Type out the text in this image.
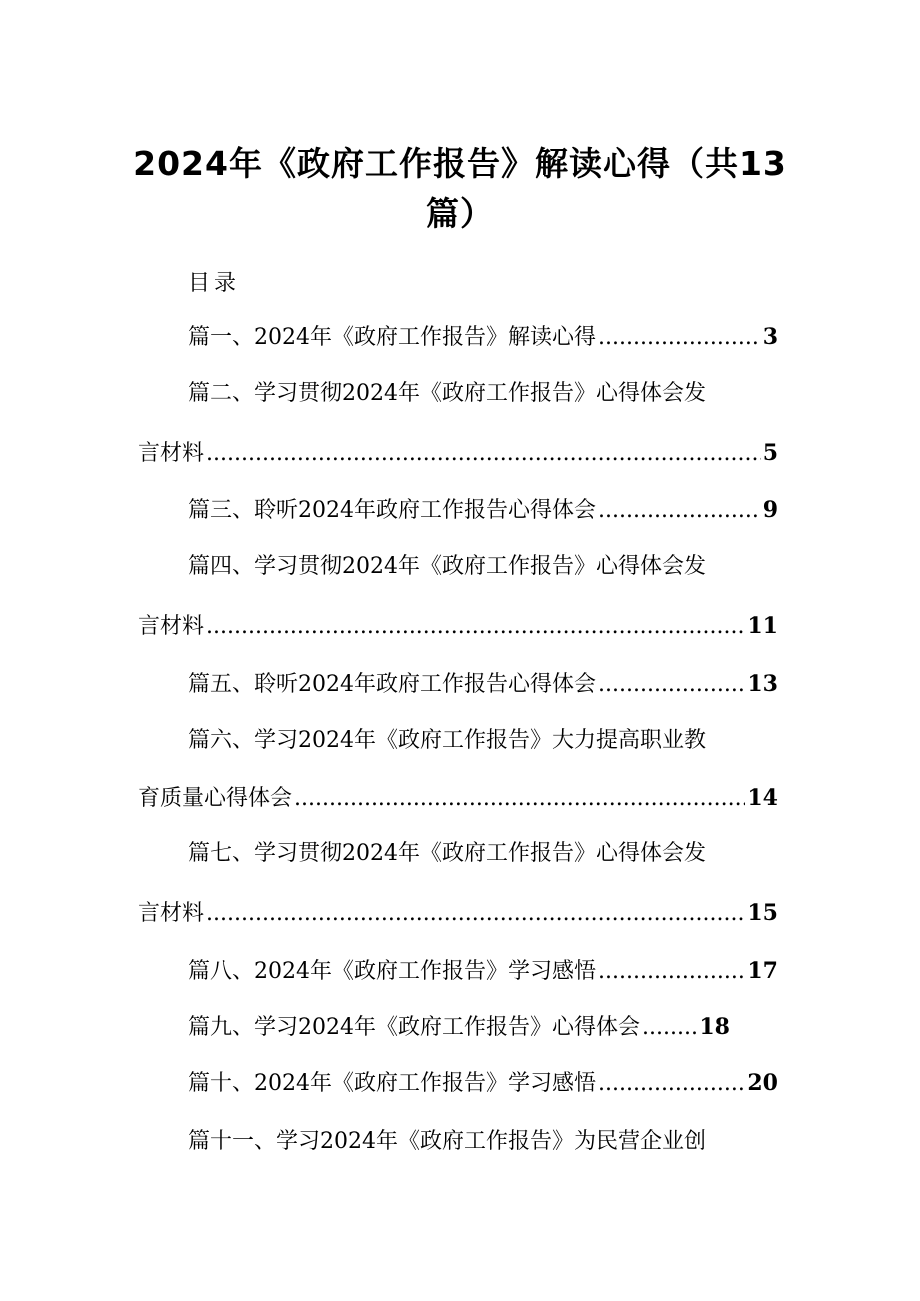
2024年《政府工作报告》解读心得（共13
篇）
目录
篇一、2024年《政府工作报告》解读心得 .....	3
篇二、学习贯彻2024年《政府工作报告》心得体会发
言材料 .....	5
篇三、聆听2024年政府工作报告心得体会 .....	9
篇四、学习贯彻2024年《政府工作报告》心得体会发
言材料 .....	11
篇五、聆听2024年政府工作报告心得体会 .....	13
篇六、学习2024年《政府工作报告》大力提高职业教
育质量心得体会 .....	14
篇七、学习贯彻2024年《政府工作报告》心得体会发
言材料 .....	15
篇八、2024年《政府工作报告》学习感悟 .....	17
篇九、学习2024年《政府工作报告》心得体会 .....	18
篇十、2024年《政府工作报告》学习感悟 .....	20
篇十一、学习2024年《政府工作报告》为民营企业创
